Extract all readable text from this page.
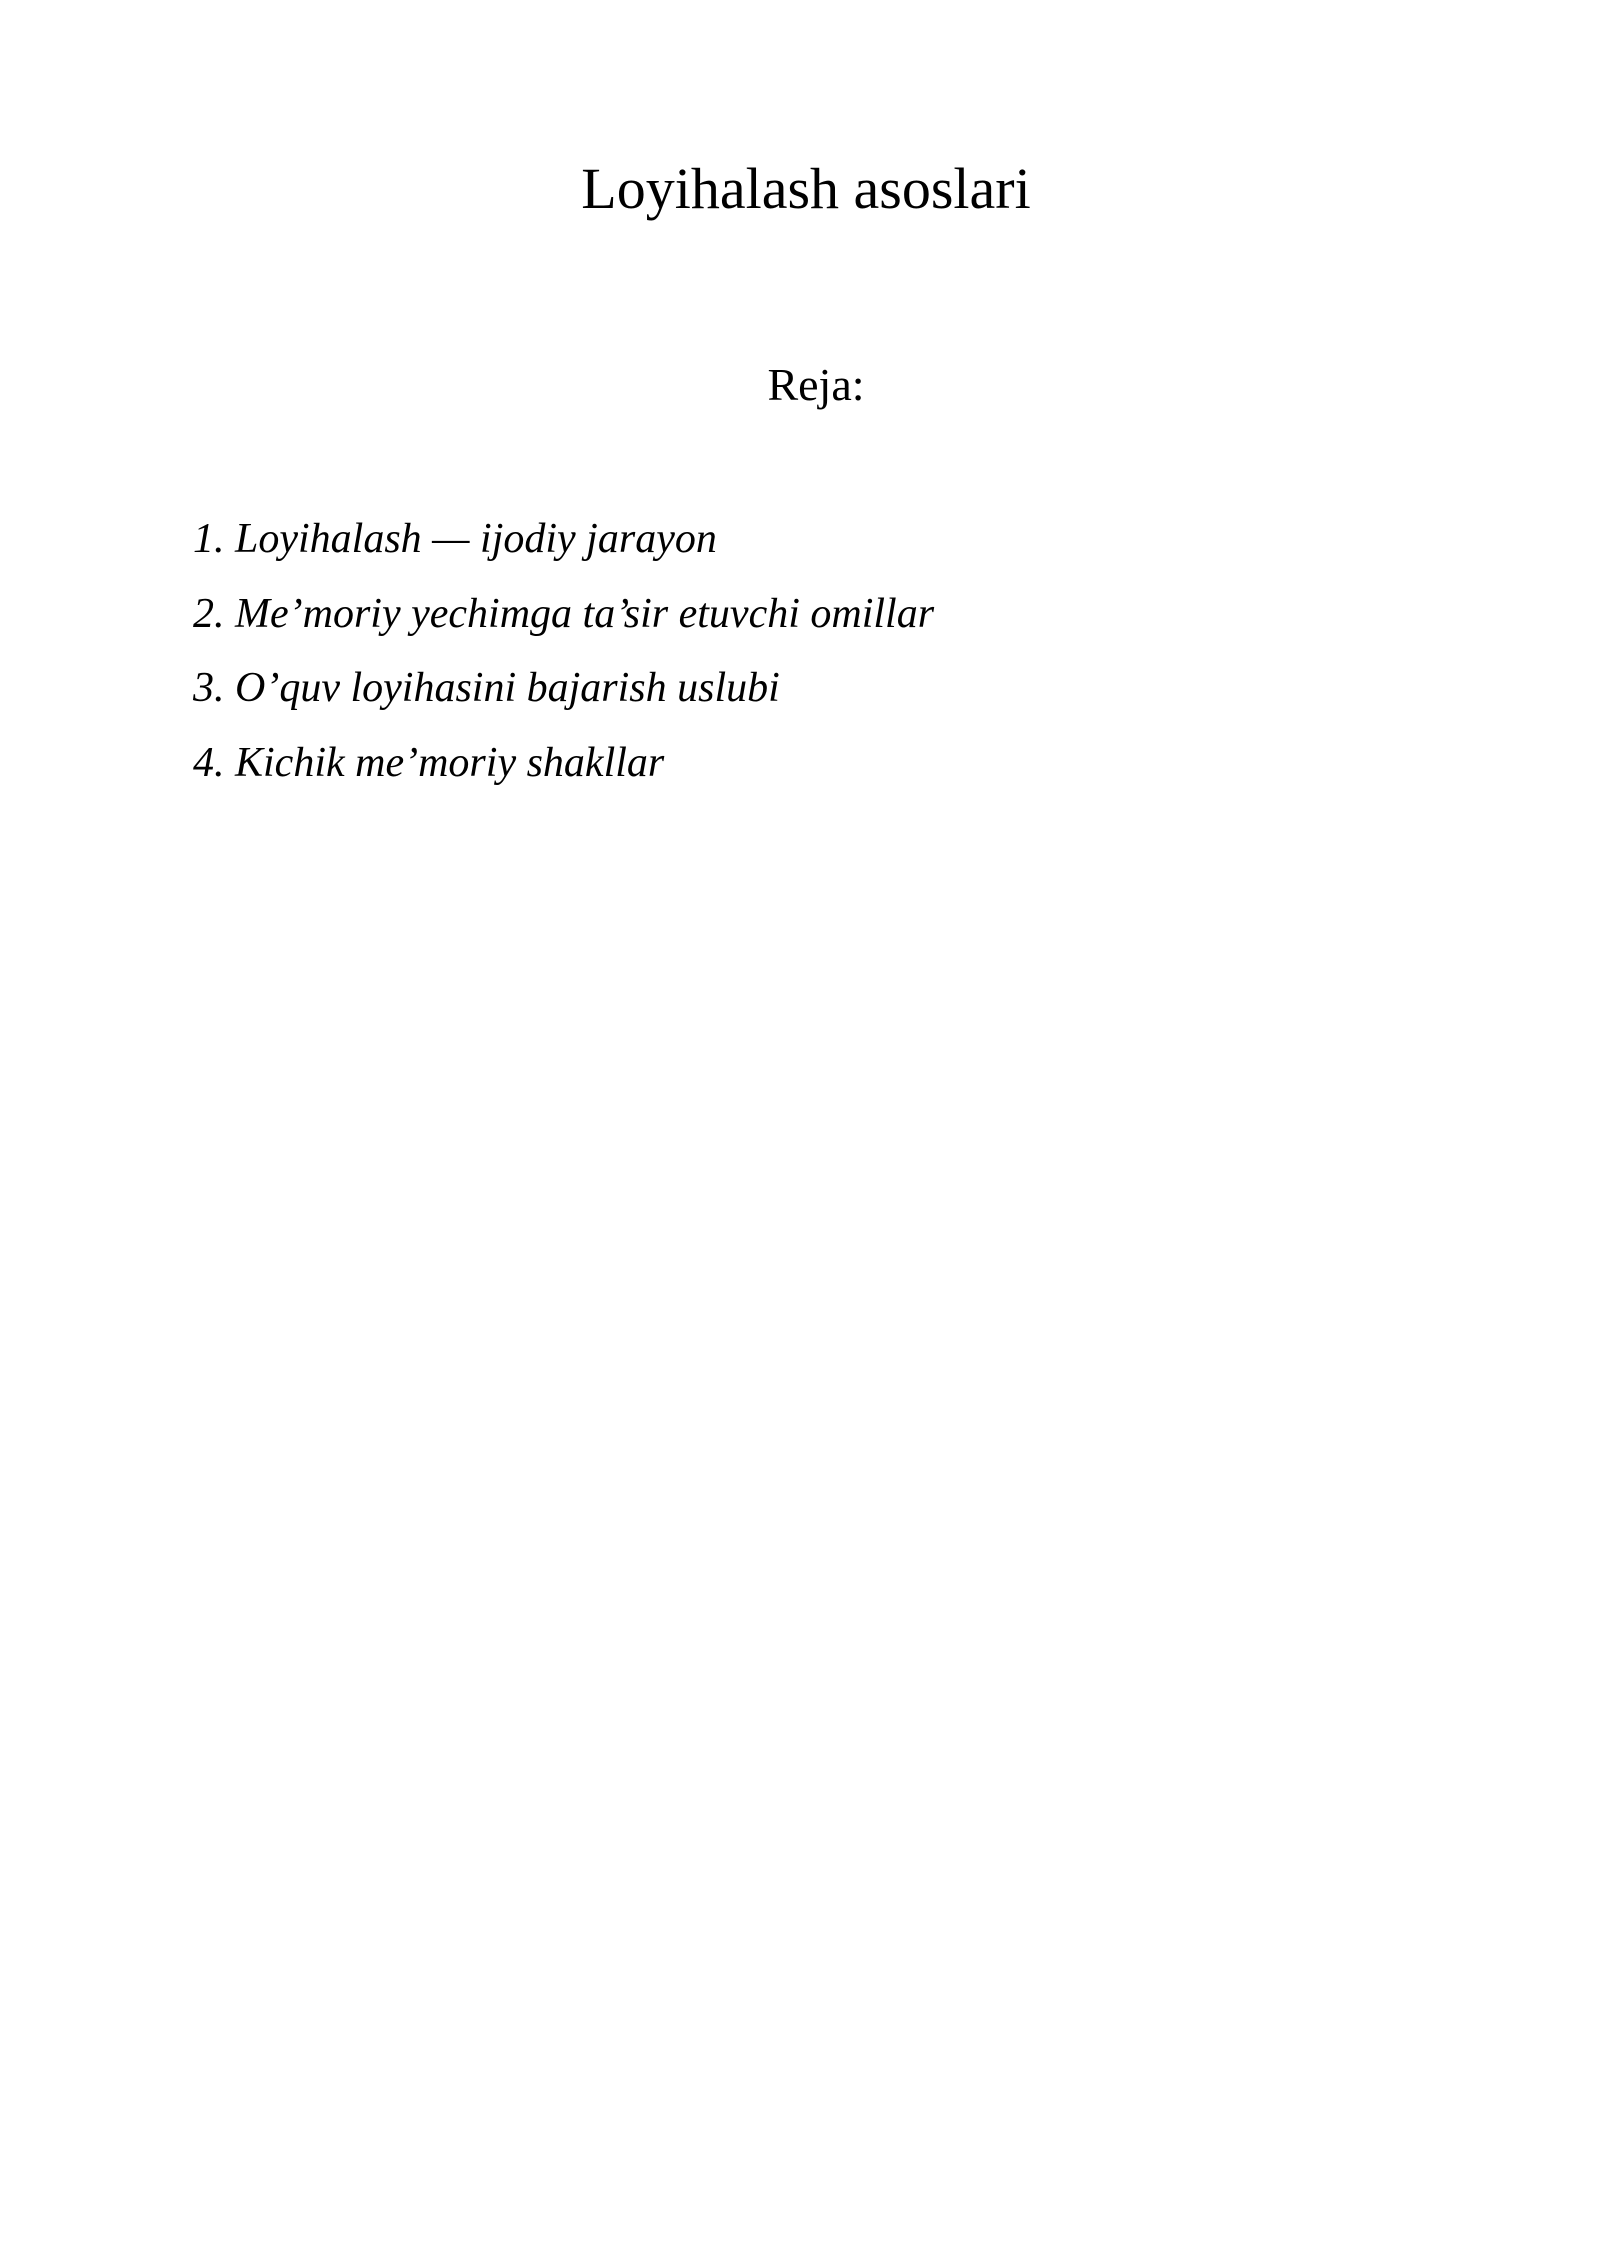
Loyihalash asoslari
Reja:
1. Loyihalash — ijodiy jarayon
2. Me’moriy yechimga ta’sir etuvchi omillar
3. O’quv loyihasini bajarish uslubi
4. Kichik me’moriy shakllar
